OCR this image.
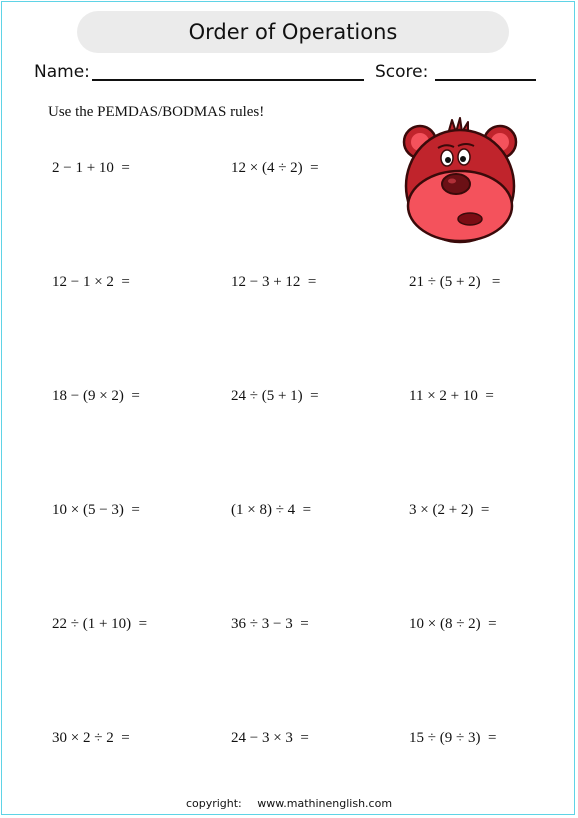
Order of Operations
Name:	Score:
Use the PEMDAS/BODMAS rules!
2 − 1 + 10  =	12 × (4 ÷ 2)  =
12 − 1 × 2  =	12 − 3 + 12  =	21 ÷ (5 + 2)   =
18 − (9 × 2)  =	24 ÷ (5 + 1)  =	11 × 2 + 10  =
10 × (5 − 3)  =	(1 × 8) ÷ 4  =	3 × (2 + 2)  =
22 ÷ (1 + 10)  =	36 ÷ 3 − 3  =	10 × (8 ÷ 2)  =
30 × 2 ÷ 2  =	24 − 3 × 3  =	15 ÷ (9 ÷ 3)  =
copyright: www.mathinenglish.com
